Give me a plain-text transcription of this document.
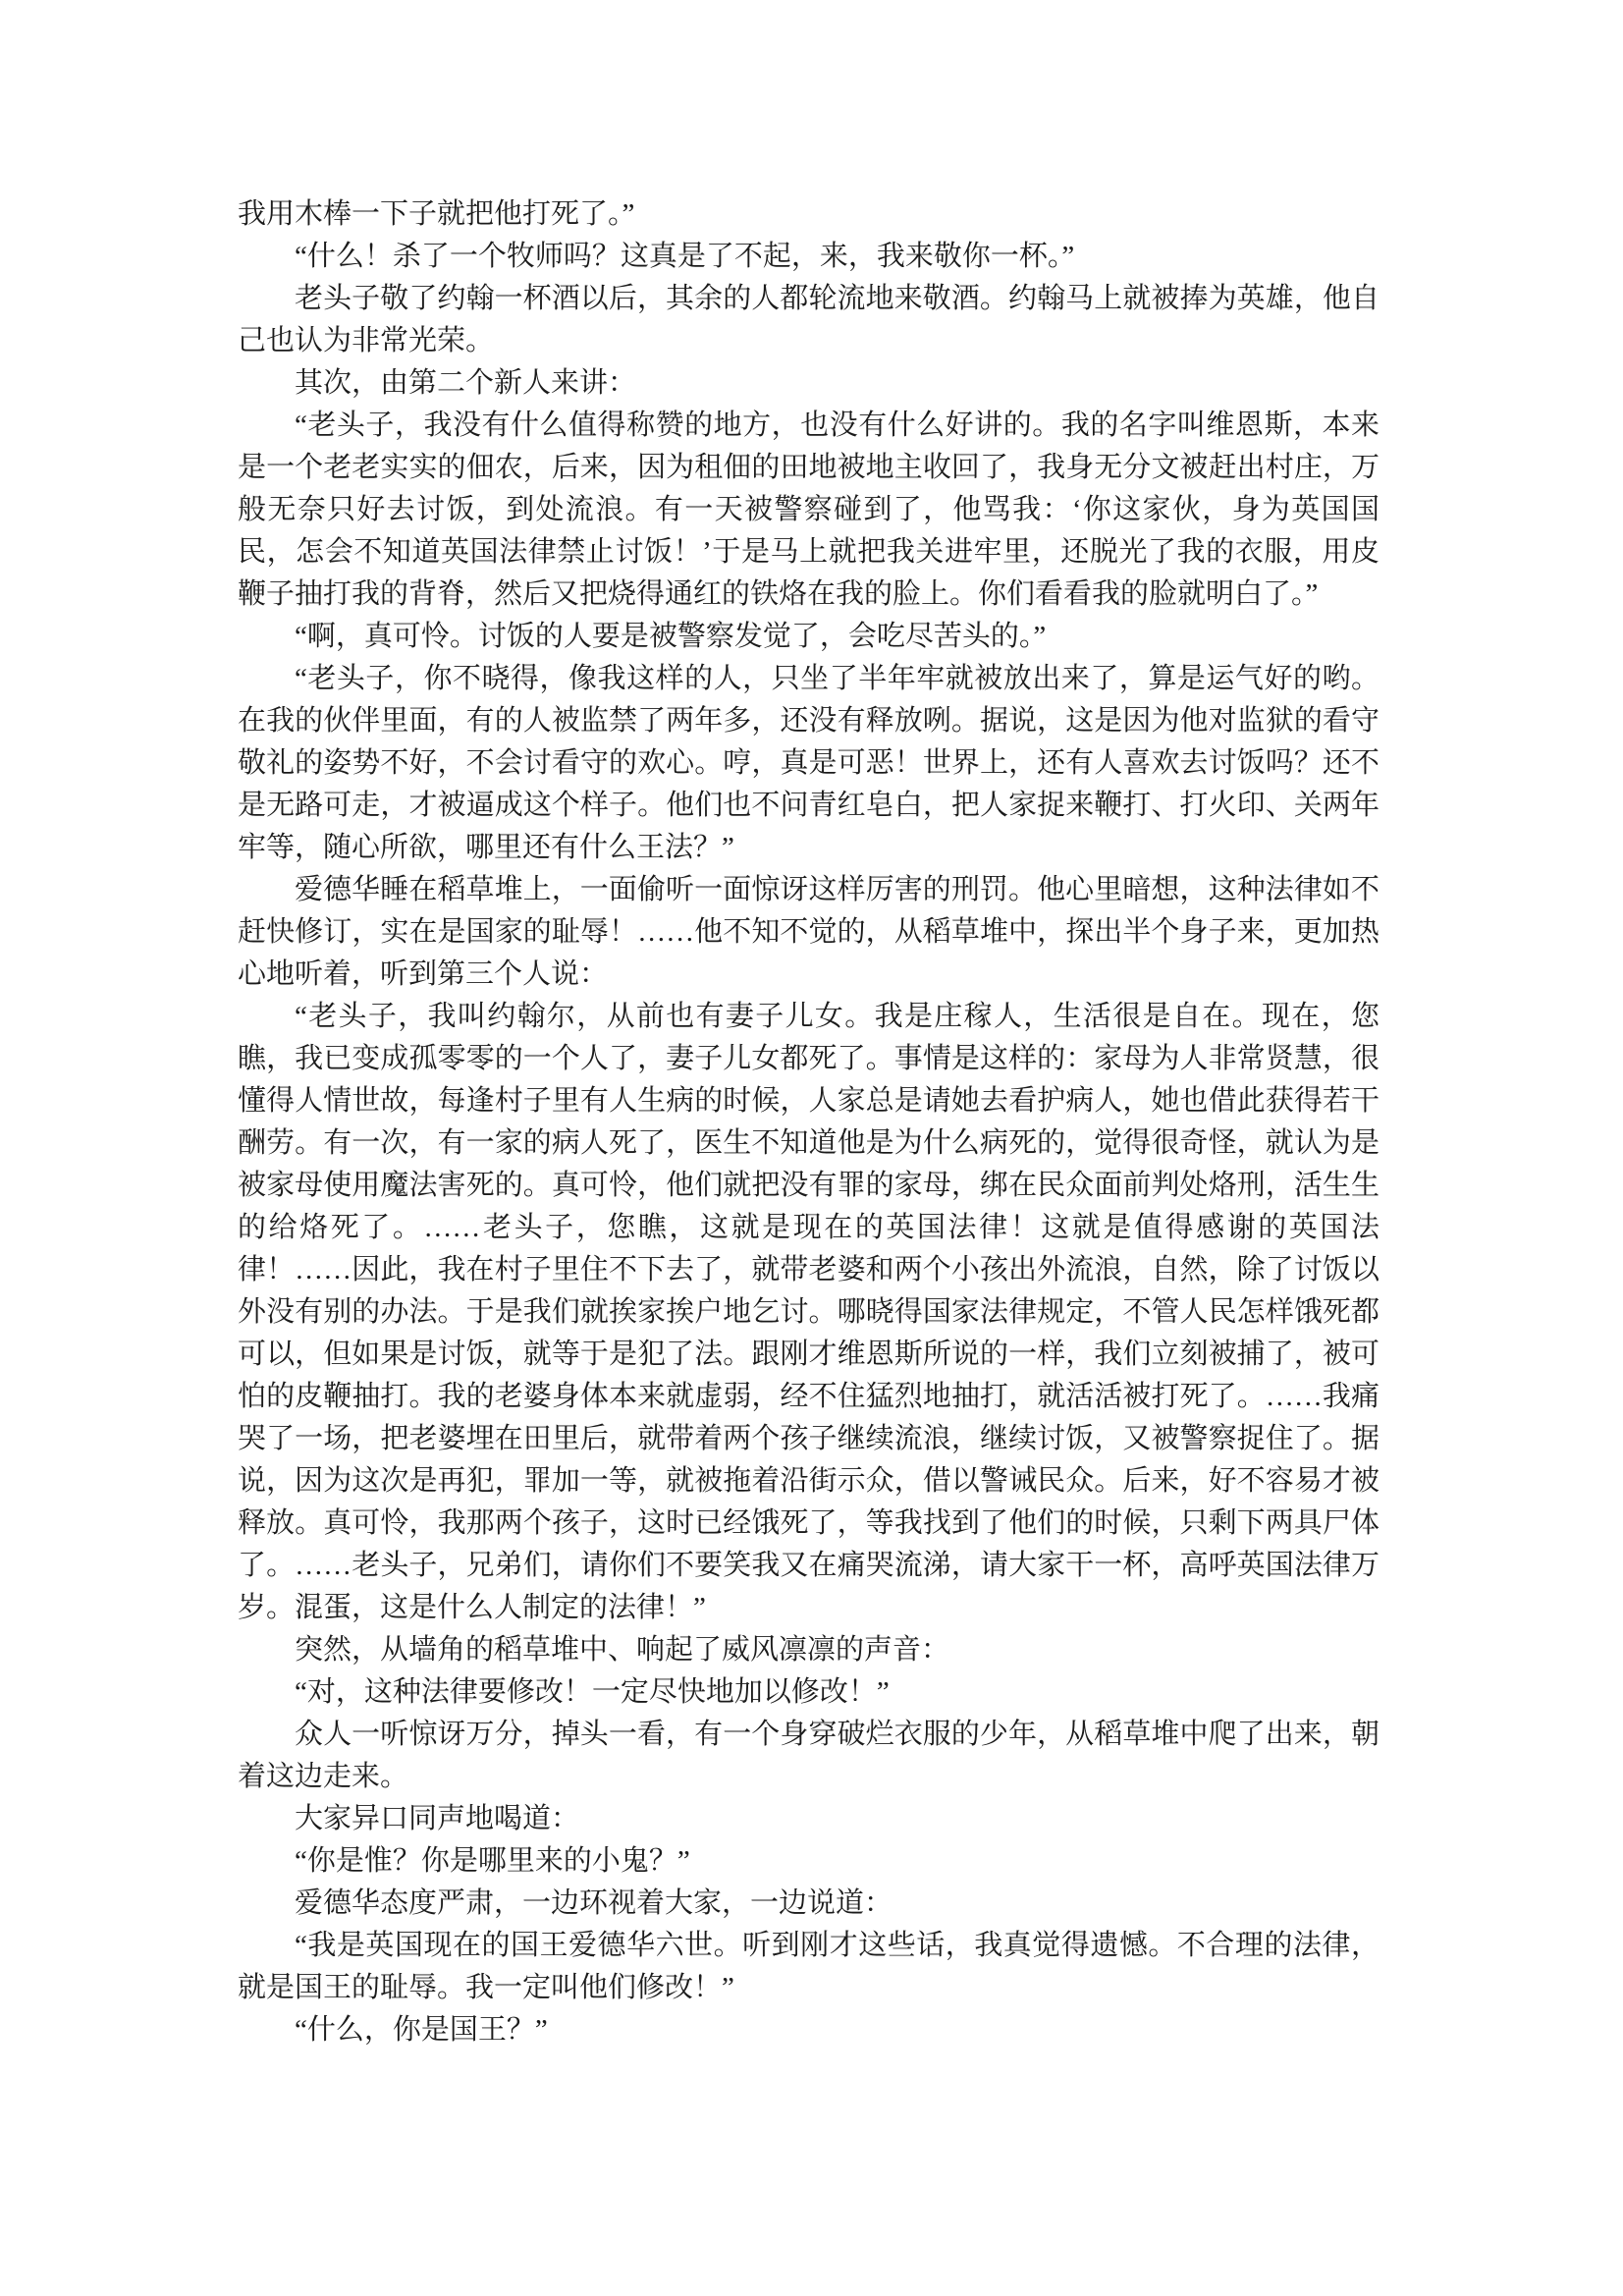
我用木棒一下子就把他打死了。”

“什么！杀了一个牧师吗？这真是了不起，来，我来敬你一杯。”

老头子敬了约翰一杯酒以后，其余的人都轮流地来敬酒。约翰马上就被捧为英雄，他自己也认为非常光荣。

其次，由第二个新人来讲：

“老头子，我没有什么值得称赞的地方，也没有什么好讲的。我的名字叫维恩斯，本来是一个老老实实的佃农，后来，因为租佃的田地被地主收回了，我身无分文被赶出村庄，万般无奈只好去讨饭，到处流浪。有一天被警察碰到了，他骂我：‘你这家伙，身为英国国民，怎会不知道英国法律禁止讨饭！’于是马上就把我关进牢里，还脱光了我的衣服，用皮鞭子抽打我的背脊，然后又把烧得通红的铁烙在我的脸上。你们看看我的脸就明白了。”

“啊，真可怜。讨饭的人要是被警察发觉了，会吃尽苦头的。”

“老头子，你不晓得，像我这样的人，只坐了半年牢就被放出来了，算是运气好的哟。在我的伙伴里面，有的人被监禁了两年多，还没有释放咧。据说，这是因为他对监狱的看守敬礼的姿势不好，不会讨看守的欢心。哼，真是可恶！世界上，还有人喜欢去讨饭吗？还不是无路可走，才被逼成这个样子。他们也不问青红皂白，把人家捉来鞭打、打火印、关两年牢等，随心所欲，哪里还有什么王法？”

爱德华睡在稻草堆上，一面偷听一面惊讶这样厉害的刑罚。他心里暗想，这种法律如不赶快修订，实在是国家的耻辱！……他不知不觉的，从稻草堆中，探出半个身子来，更加热心地听着，听到第三个人说：

“老头子，我叫约翰尔，从前也有妻子儿女。我是庄稼人，生活很是自在。现在，您瞧，我已变成孤零零的一个人了，妻子儿女都死了。事情是这样的：家母为人非常贤慧，很懂得人情世故，每逢村子里有人生病的时候，人家总是请她去看护病人，她也借此获得若干酬劳。有一次，有一家的病人死了，医生不知道他是为什么病死的，觉得很奇怪，就认为是被家母使用魔法害死的。真可怜，他们就把没有罪的家母，绑在民众面前判处烙刑，活生生的给烙死了。……老头子，您瞧，这就是现在的英国法律！这就是值得感谢的英国法律！……因此，我在村子里住不下去了，就带老婆和两个小孩出外流浪，自然，除了讨饭以外没有别的办法。于是我们就挨家挨户地乞讨。哪晓得国家法律规定，不管人民怎样饿死都可以，但如果是讨饭，就等于是犯了法。跟刚才维恩斯所说的一样，我们立刻被捕了，被可怕的皮鞭抽打。我的老婆身体本来就虚弱，经不住猛烈地抽打，就活活被打死了。……我痛哭了一场，把老婆埋在田里后，就带着两个孩子继续流浪，继续讨饭，又被警察捉住了。据说，因为这次是再犯，罪加一等，就被拖着沿街示众，借以警诫民众。后来，好不容易才被释放。真可怜，我那两个孩子，这时已经饿死了，等我找到了他们的时候，只剩下两具尸体了。……老头子，兄弟们，请你们不要笑我又在痛哭流涕，请大家干一杯，高呼英国法律万岁。混蛋，这是什么人制定的法律！”

突然，从墙角的稻草堆中、响起了威风凛凛的声音：

“对，这种法律要修改！一定尽快地加以修改！”

众人一听惊讶万分，掉头一看，有一个身穿破烂衣服的少年，从稻草堆中爬了出来，朝着这边走来。

大家异口同声地喝道：

“你是惟？你是哪里来的小鬼？”

爱德华态度严肃，一边环视着大家，一边说道：

“我是英国现在的国王爱德华六世。听到刚才这些话，我真觉得遗憾。不合理的法律，就是国王的耻辱。我一定叫他们修改！”

“什么，你是国王？”
